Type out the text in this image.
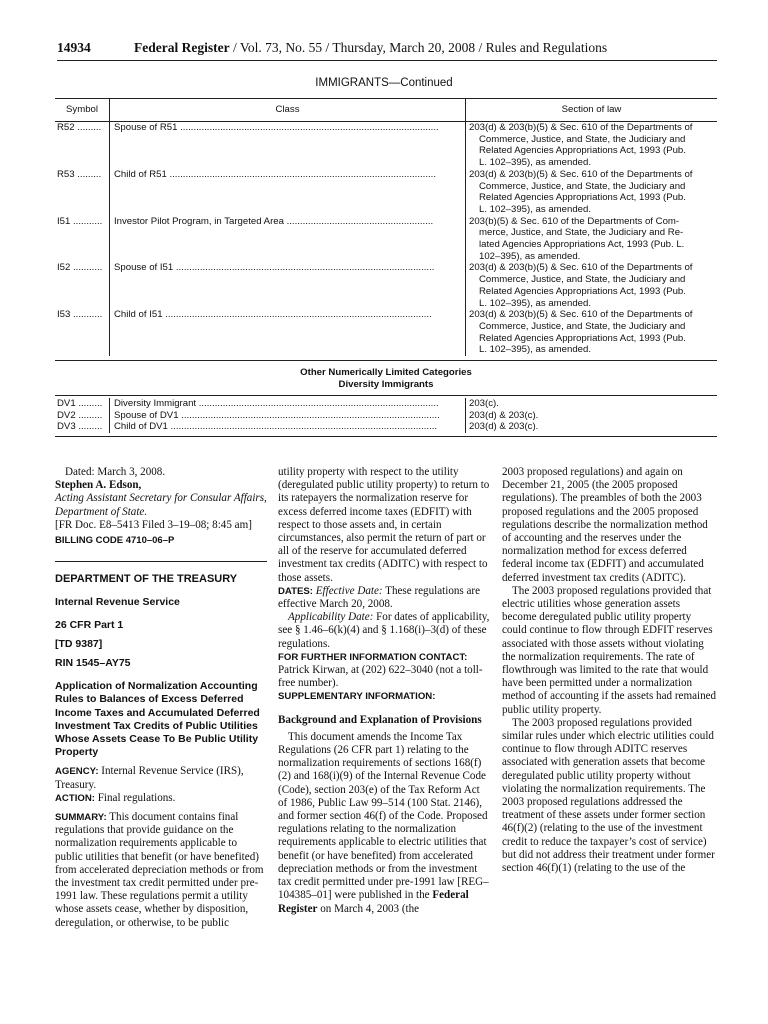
14934	Federal Register / Vol. 73, No. 55 / Thursday, March 20, 2008 / Rules and Regulations
IMMIGRANTS—Continued
Symbol	Class	Section of law
R52 .........	Spouse of R51 .................................................................................................	203(d) & 203(b)(5) & Sec. 610 of the Departments of
Commerce, Justice, and State, the Judiciary and
Related Agencies Appropriations Act, 1993 (Pub.
L. 102–395), as amended.
R53 .........	Child of R51 ....................................................................................................	203(d) & 203(b)(5) & Sec. 610 of the Departments of
Commerce, Justice, and State, the Judiciary and
Related Agencies Appropriations Act, 1993 (Pub.
L. 102–395), as amended.
I51 ...........	Investor Pilot Program, in Targeted Area .......................................................	203(b)(5) & Sec. 610 of the Departments of Com-
merce, Justice, and State, the Judiciary and Re-
lated Agencies Appropriations Act, 1993 (Pub. L.
102–395), as amended.
I52 ...........	Spouse of I51 .................................................................................................	203(d) & 203(b)(5) & Sec. 610 of the Departments of
Commerce, Justice, and State, the Judiciary and
Related Agencies Appropriations Act, 1993 (Pub.
L. 102–395), as amended.
I53 ...........	Child of I51 ....................................................................................................	203(d) & 203(b)(5) & Sec. 610 of the Departments of
Commerce, Justice, and State, the Judiciary and
Related Agencies Appropriations Act, 1993 (Pub.
L. 102–395), as amended.
Other Numerically Limited Categories
Diversity Immigrants
DV1 .........	Diversity Immigrant ..........................................................................................	203(c).
DV2 .........	Spouse of DV1 .................................................................................................	203(d) & 203(c).
DV3 .........	Child of DV1 ....................................................................................................	203(d) & 203(c).

Dated: March 3, 2008.

Stephen A. Edson,

Acting Assistant Secretary for Consular Affairs, Department of State.

[FR Doc. E8–5413 Filed 3–19–08; 8:45 am]

BILLING CODE 4710–06–P

DEPARTMENT OF THE TREASURY

Internal Revenue Service

26 CFR Part 1

[TD 9387]

RIN 1545–AY75

Application of Normalization Accounting Rules to Balances of Excess Deferred Income Taxes and Accumulated Deferred Investment Tax Credits of Public Utilities Whose Assets Cease To Be Public Utility Property

AGENCY: Internal Revenue Service (IRS), Treasury.

ACTION: Final regulations.

SUMMARY: This document contains final regulations that provide guidance on the normalization requirements applicable to public utilities that benefit (or have benefited) from accelerated depreciation methods or from the investment tax credit permitted under pre-1991 law. These regulations permit a utility whose assets cease, whether by disposition, deregulation, or otherwise, to be public

utility property with respect to the utility (deregulated public utility property) to return to its ratepayers the normalization reserve for excess deferred income taxes (EDFIT) with respect to those assets and, in certain circumstances, also permit the return of part or all of the reserve for accumulated deferred investment tax credits (ADITC) with respect to those assets.

DATES: Effective Date: These regulations are effective March 20, 2008.

Applicability Date: For dates of applicability, see § 1.46–6(k)(4) and § 1.168(i)–3(d) of these regulations.

FOR FURTHER INFORMATION CONTACT:

Patrick Kirwan, at (202) 622–3040 (not a toll-free number).

SUPPLEMENTARY INFORMATION:

Background and Explanation of Provisions

This document amends the Income Tax Regulations (26 CFR part 1) relating to the normalization requirements of sections 168(f)(2) and 168(i)(9) of the Internal Revenue Code (Code), section 203(e) of the Tax Reform Act of 1986, Public Law 99–514 (100 Stat. 2146), and former section 46(f) of the Code. Proposed regulations relating to the normalization requirements applicable to electric utilities that benefit (or have benefited) from accelerated depreciation methods or from the investment tax credit permitted under pre-1991 law [REG–104385–01] were published in the Federal Register on March 4, 2003 (the

2003 proposed regulations) and again on December 21, 2005 (the 2005 proposed regulations). The preambles of both the 2003 proposed regulations and the 2005 proposed regulations describe the normalization method of accounting and the reserves under the normalization method for excess deferred federal income tax (EDFIT) and accumulated deferred investment tax credits (ADITC).

The 2003 proposed regulations provided that electric utilities whose generation assets become deregulated public utility property could continue to flow through EDFIT reserves associated with those assets without violating the normalization requirements. The rate of flowthrough was limited to the rate that would have been permitted under a normalization method of accounting if the assets had remained public utility property.

The 2003 proposed regulations provided similar rules under which electric utilities could continue to flow through ADITC reserves associated with generation assets that become deregulated public utility property without violating the normalization requirements. The 2003 proposed regulations addressed the treatment of these assets under former section 46(f)(2) (relating to the use of the investment credit to reduce the taxpayer’s cost of service) but did not address their treatment under former section 46(f)(1) (relating to the use of the
